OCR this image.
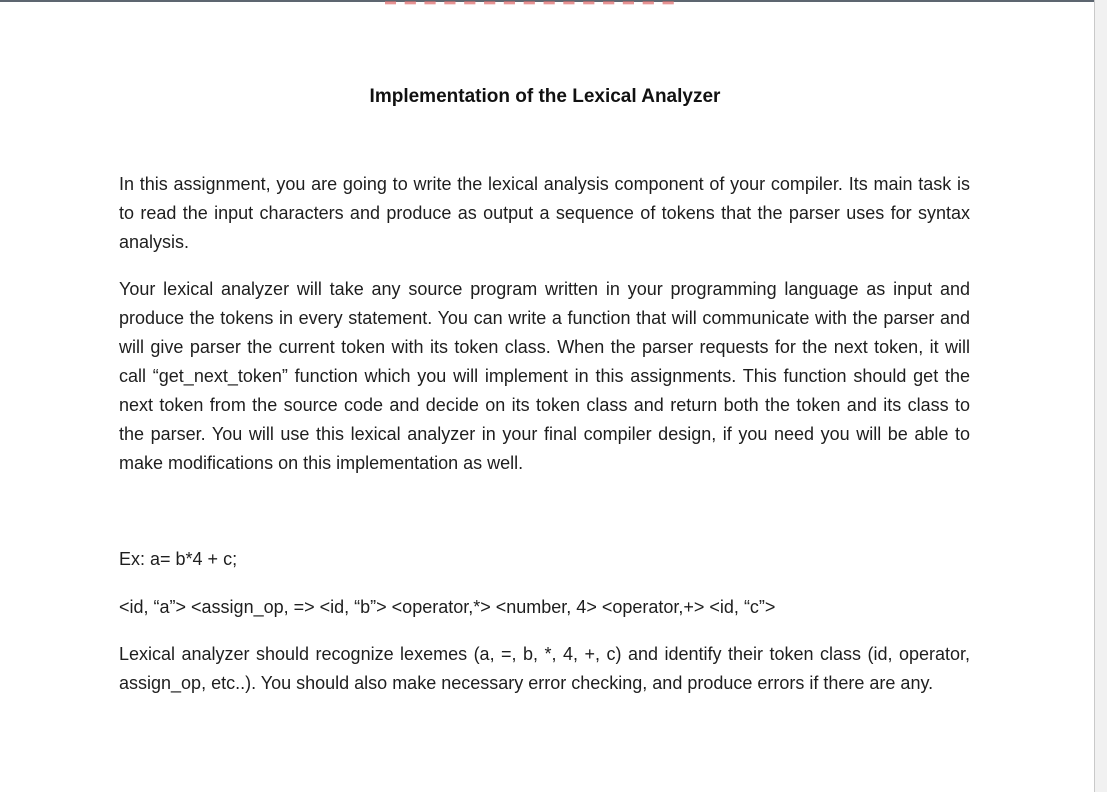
Implementation of the Lexical Analyzer

In this assignment, you are going to write the lexical analysis component of your compiler. Its main task is to read the input characters and produce as output a sequence of tokens that the parser uses for syntax analysis.

Your lexical analyzer will take any source program written in your programming language as input and produce the tokens in every statement. You can write a function that will communicate with the parser and will give parser the current token with its token class. When the parser requests for the next token, it will call “get_next_token” function which you will implement in this assignments. This function should get the next token from the source code and decide on its token class and return both the token and its class to the parser. You will use this lexical analyzer in your final compiler design, if you need you will be able to make modifications on this implementation as well.

Ex: a= b*4 + c;

<id, “a”> <assign_op, => <id, “b”> <operator,*> <number, 4> <operator,+> <id, “c”>

Lexical analyzer should recognize lexemes (a, =, b, *, 4, +, c) and identify their token class (id, operator, assign_op, etc..). You should also make necessary error checking, and produce errors if there are any.
